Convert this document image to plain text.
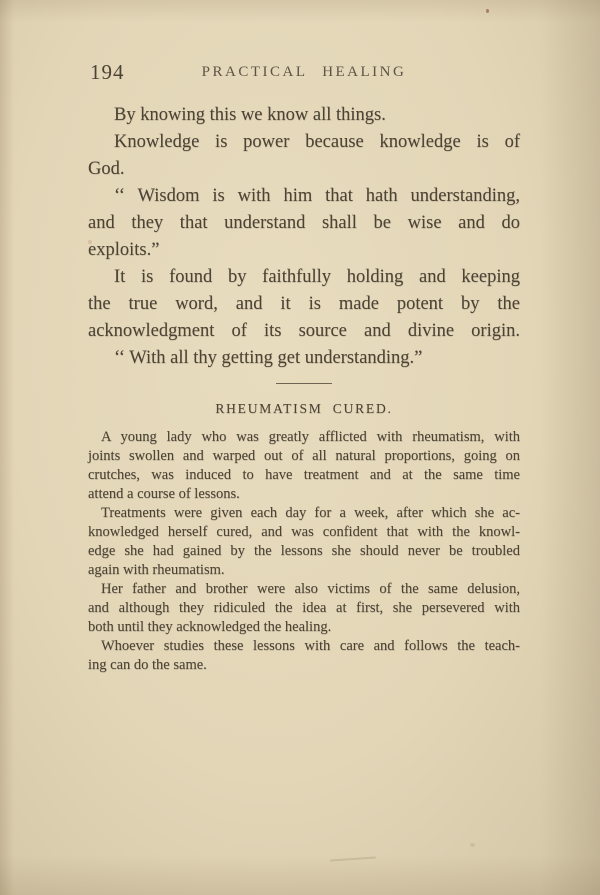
194	PRACTICAL HEALING
By knowing this we know all things.
Knowledge is power because knowledge is of
God.
‘‘ Wisdom is with him that hath understanding,
and they that understand shall be wise and do
exploits.”
It is found by faithfully holding and keeping
the true word, and it is made potent by the
acknowledgment of its source and divine origin.
‘‘ With all thy getting get understanding.”
RHEUMATISM CURED.
A young lady who was greatly afflicted with rheumatism, with
joints swollen and warped out of all natural proportions, going on
crutches, was induced to have treatment and at the same time
attend a course of lessons.
Treatments were given each day for a week, after which she ac-
knowledged herself cured, and was confident that with the knowl-
edge she had gained by the lessons she should never be troubled
again with rheumatism.
Her father and brother were also victims of the same delusion,
and although they ridiculed the idea at first, she persevered with
both until they acknowledged the healing.
Whoever studies these lessons with care and follows the teach-
ing can do the same.
